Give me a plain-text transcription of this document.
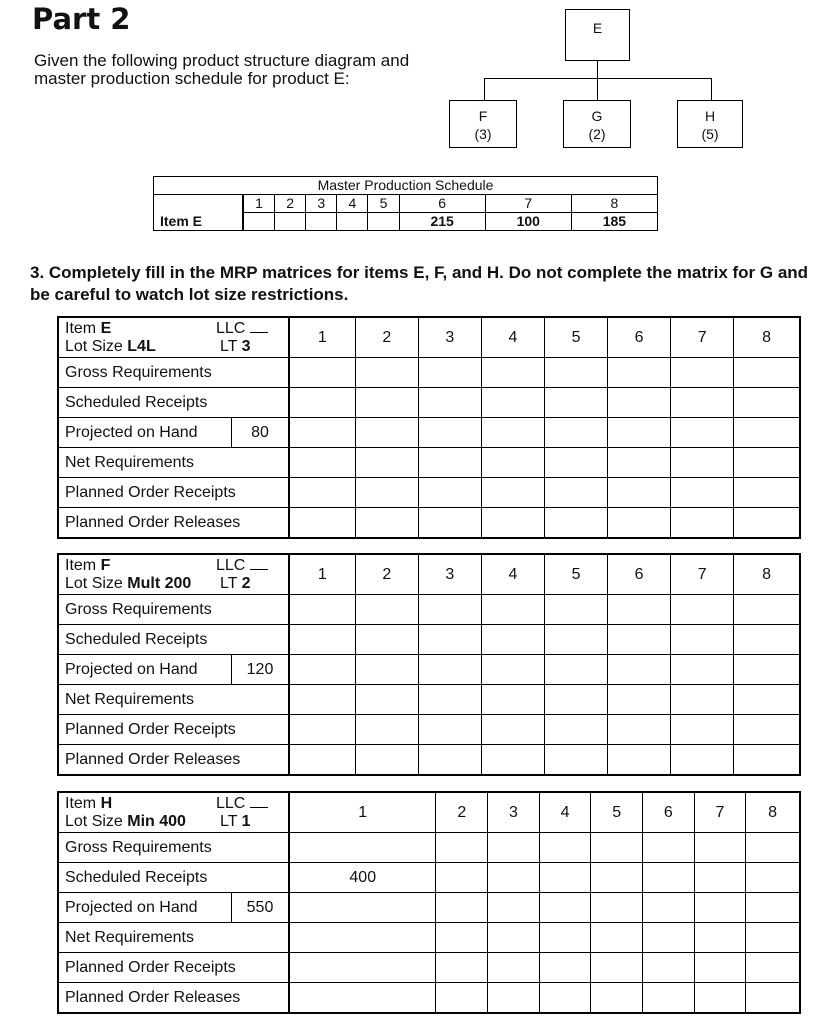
Part 2
Given the following product structure diagram and master production schedule for product E:
E
F
(3)
G
(2)
H
(5)
Master Production Schedule								
		1	2	3	4	5	6	7	8
Item E							215	100	185
3. Completely fill in the MRP matrices for items E, F, and H. Do not complete the matrix for G and be careful to watch lot size restrictions.
Item E LLC
Lot Size L4L LT 3	1	2	3	4	5	6	7	8
Gross Requirements								
Scheduled Receipts								

Projected on Hand 80								

Net Requirements								
Planned Order Receipts								
Planned Order Releases								
Item F LLC
Lot Size Mult 200 LT 2	1	2	3	4	5	6	7	8
Gross Requirements								
Scheduled Receipts								

Projected on Hand 120								

Net Requirements								
Planned Order Receipts								
Planned Order Releases								
Item H LLC
Lot Size Min 400 LT 1	1	2	3	4	5	6	7	8
Gross Requirements								
Scheduled Receipts	400							

Projected on Hand 550								

Net Requirements								
Planned Order Receipts								
Planned Order Releases								
